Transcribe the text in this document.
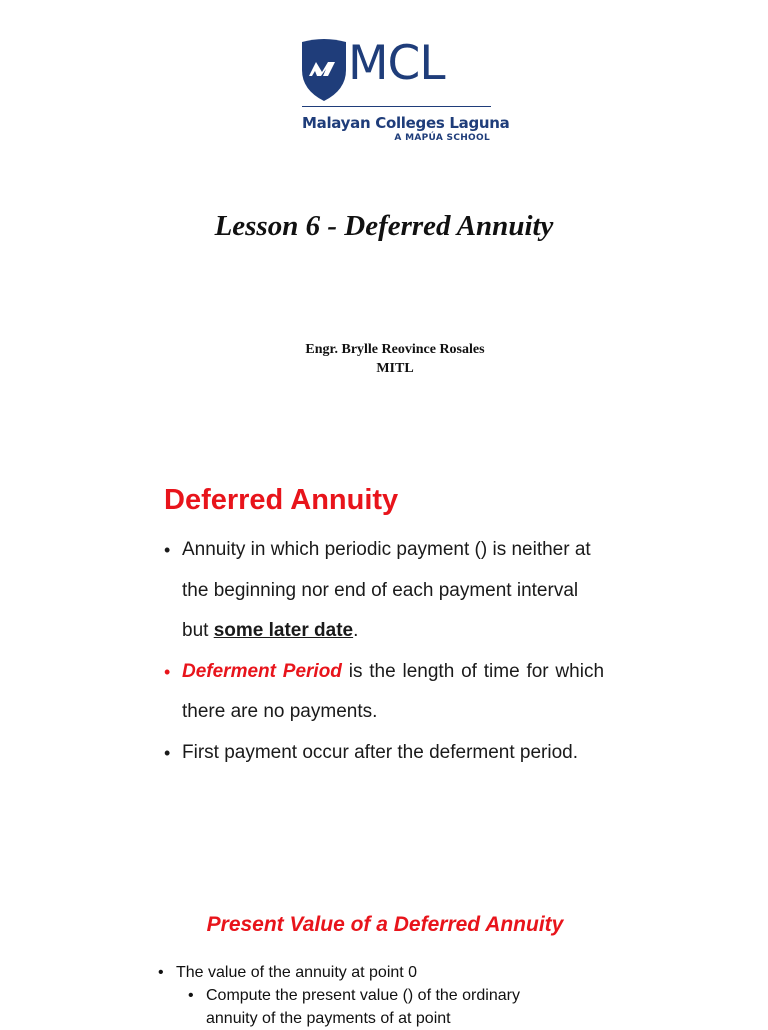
MCL
Malayan Colleges Laguna
A MAPÚA SCHOOL
Lesson 6 - Deferred Annuity
Engr. Brylle Reovince Rosales
MITL
Deferred Annuity
• Annuity in which periodic payment () is neither at the beginning nor end of each payment interval but some later date.
• Deferment Period is the length of time for which there are no payments.
• First payment occur after the deferment period.
Present Value of a Deferred Annuity
• The value of the annuity at point 0
• Compute the present value () of the ordinary
annuity of the payments of at point
